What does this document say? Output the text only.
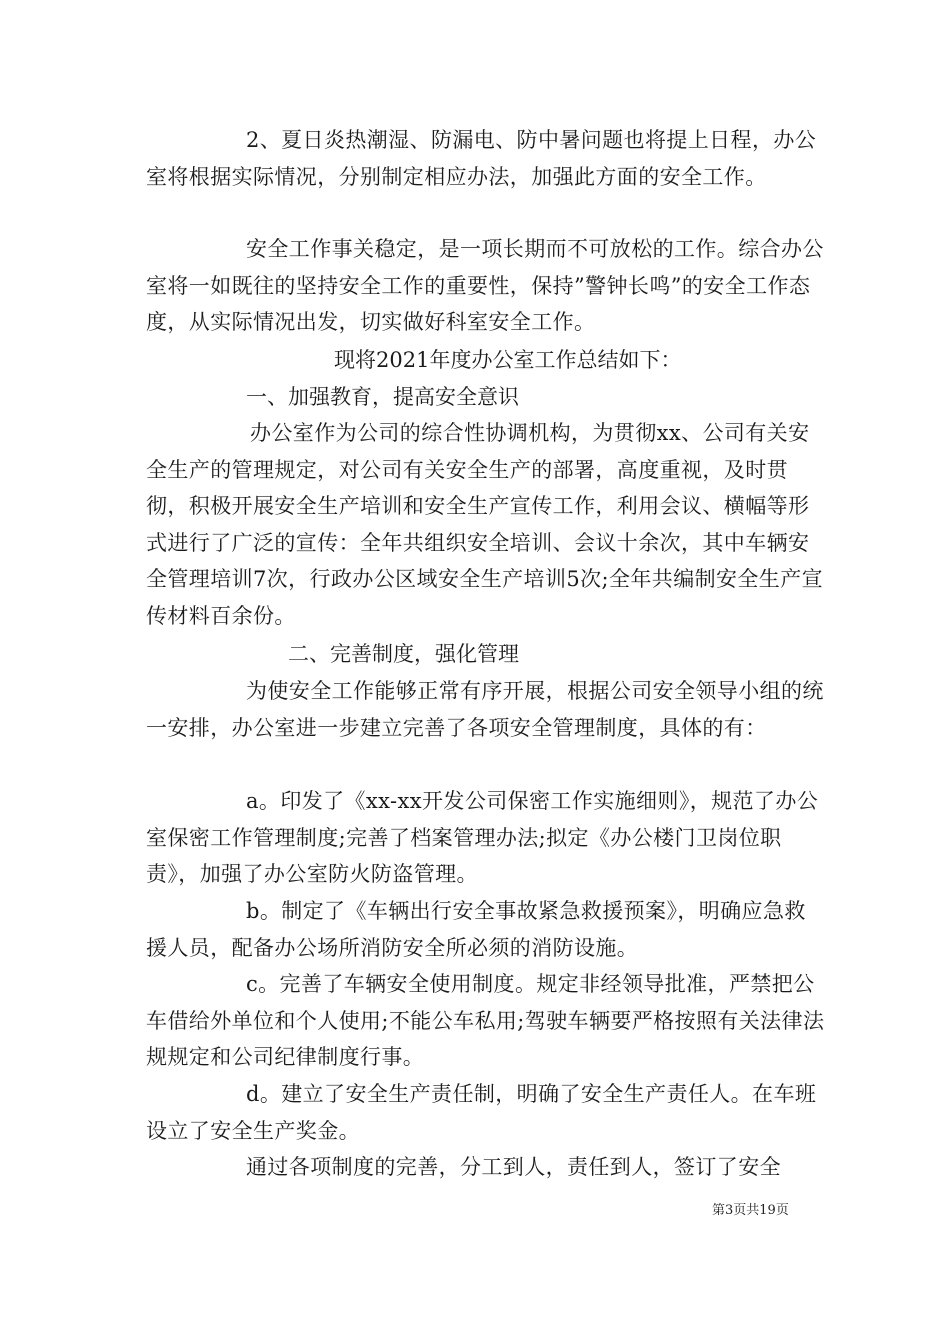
2、夏日炎热潮湿、防漏电、防中暑问题也将提上日程，办公室将根据实际情况，分别制定相应办法，加强此方面的安全工作。

安全工作事关稳定，是一项长期而不可放松的工作。综合办公室将一如既往的坚持安全工作的重要性，保持”警钟长鸣”的安全工作态度，从实际情况出发，切实做好科室安全工作。

现将2021年度办公室工作总结如下：

一、加强教育，提高安全意识

办公室作为公司的综合性协调机构，为贯彻xx、公司有关安全生产的管理规定，对公司有关安全生产的部署，高度重视，及时贯彻，积极开展安全生产培训和安全生产宣传工作，利用会议、横幅等形式进行了广泛的宣传：全年共组织安全培训、会议十余次，其中车辆安全管理培训7次，行政办公区域安全生产培训5次;全年共编制安全生产宣传材料百余份。

二、完善制度，强化管理

为使安全工作能够正常有序开展，根据公司安全领导小组的统一安排，办公室进一步建立完善了各项安全管理制度，具体的有：

a。印发了《xx-xx开发公司保密工作实施细则》，规范了办公室保密工作管理制度;完善了档案管理办法;拟定《办公楼门卫岗位职责》，加强了办公室防火防盗管理。

b。制定了《车辆出行安全事故紧急救援预案》，明确应急救援人员，配备办公场所消防安全所必须的消防设施。

c。完善了车辆安全使用制度。规定非经领导批准，严禁把公车借给外单位和个人使用;不能公车私用;驾驶车辆要严格按照有关法律法规规定和公司纪律制度行事。

d。建立了安全生产责任制，明确了安全生产责任人。在车班设立了安全生产奖金。

通过各项制度的完善，分工到人，责任到人，签订了安全

第3页共19页
